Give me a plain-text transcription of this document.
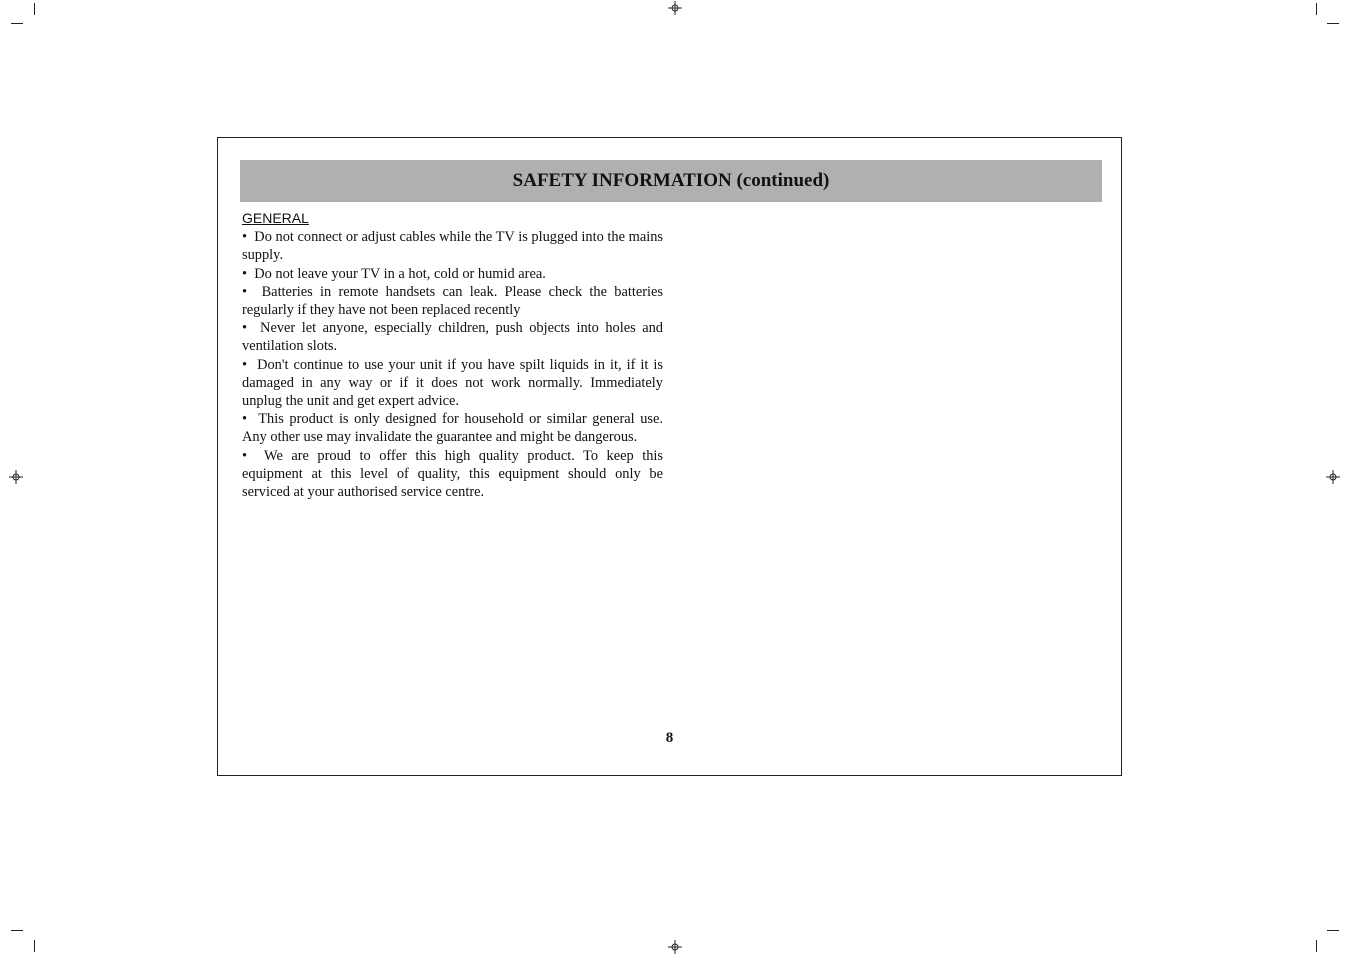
SAFETY INFORMATION (continued)
GENERAL
•  Do not connect or adjust cables while the TV is plugged into the mains supply.
•  Do not leave your TV in a hot, cold or humid area.
•  Batteries in remote handsets can leak. Please check the batteries regularly if they have not been replaced recently
•  Never let anyone, especially children, push objects into holes and ventilation slots.
•  Don't continue to use your unit if you have spilt liquids in it, if it is damaged in any way or if it does not work normally. Immediately unplug the unit and get expert advice.
•  This product is only designed for household or similar general use. Any other use may invalidate the guarantee and might be dangerous.
•  We are proud to offer this high quality product. To keep this equipment at this level of quality, this equipment should only be serviced at your authorised service centre.
8
